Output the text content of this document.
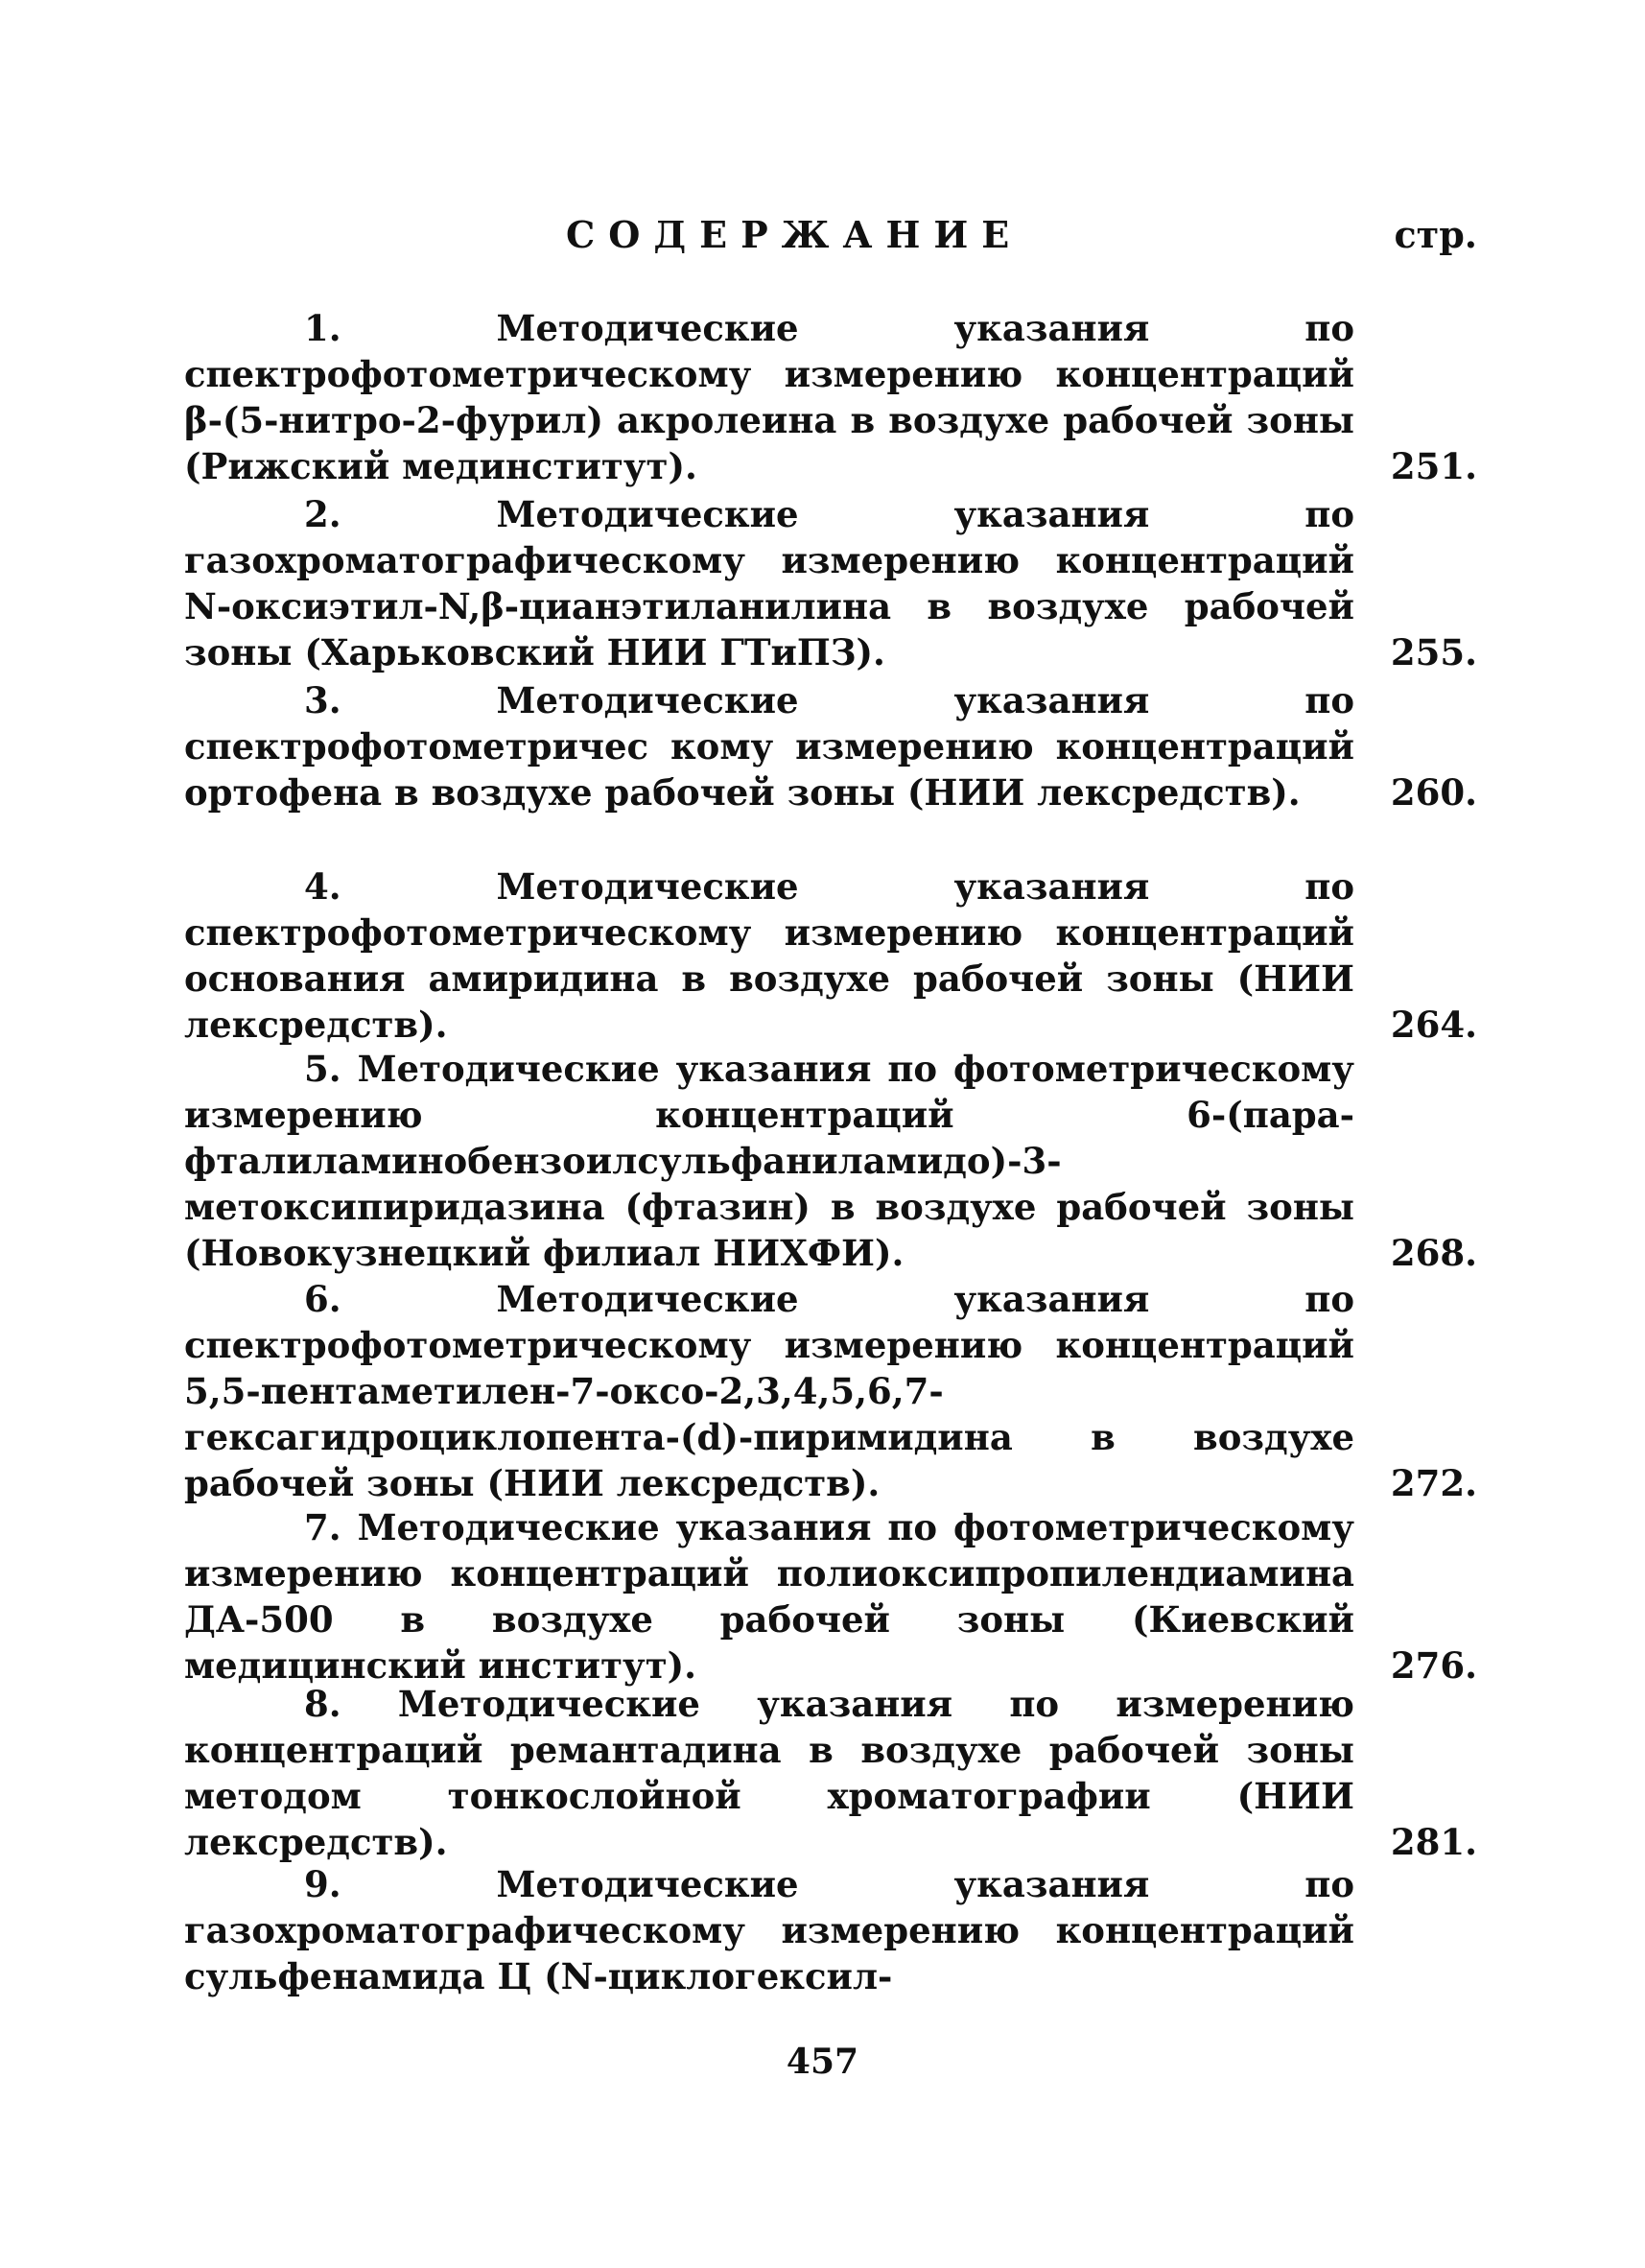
СОДЕРЖАНИЕ	стр.
1. Методические указания по спектрофотометрическому измерению концентраций β-(5-нитро-2-фурил) акролеина в воздухе рабочей зоны (Рижский мединститут).	251.
2. Методические указания по газохроматографическому измерению концентраций N-оксиэтил-N,β-цианэтиланилина в воздухе рабочей зоны (Харьковский НИИ ГТиПЗ).	255.
3. Методические указания по спектрофотометричес кому измерению концентраций ортофена в воздухе рабочей зоны (НИИ лексредств).	260.
4. Методические указания по спектрофотометрическому измерению концентраций основания амиридина в воздухе рабочей зоны (НИИ лексредств).	264.
5. Методические указания по фотометрическому измерению концентраций 6-(пара-фталиламинобензоилсульфаниламидо)-3-метоксипиридазина (фтазин) в воздухе рабочей зоны (Новокузнецкий филиал НИХФИ).	268.
6. Методические указания по спектрофотометрическому измерению концентраций 5,5-пентаметилен-7-оксо-2,3,4,5,6,7-гексагидроциклопента-(d)-пиримидина в воздухе рабочей зоны (НИИ лексредств).	272.
7. Методические указания по фотометрическому измерению концентраций полиоксипропилендиамина ДА-500 в воздухе рабочей зоны (Киевский медицинский институт).	276.
8. Методические указания по измерению концентраций ремантадина в воздухе рабочей зоны методом тонкослойной хроматографии (НИИ лексредств).	281.
9. Методические указания по газохроматографическому измерению концентраций сульфенамида Ц (N-циклогексил-
457
